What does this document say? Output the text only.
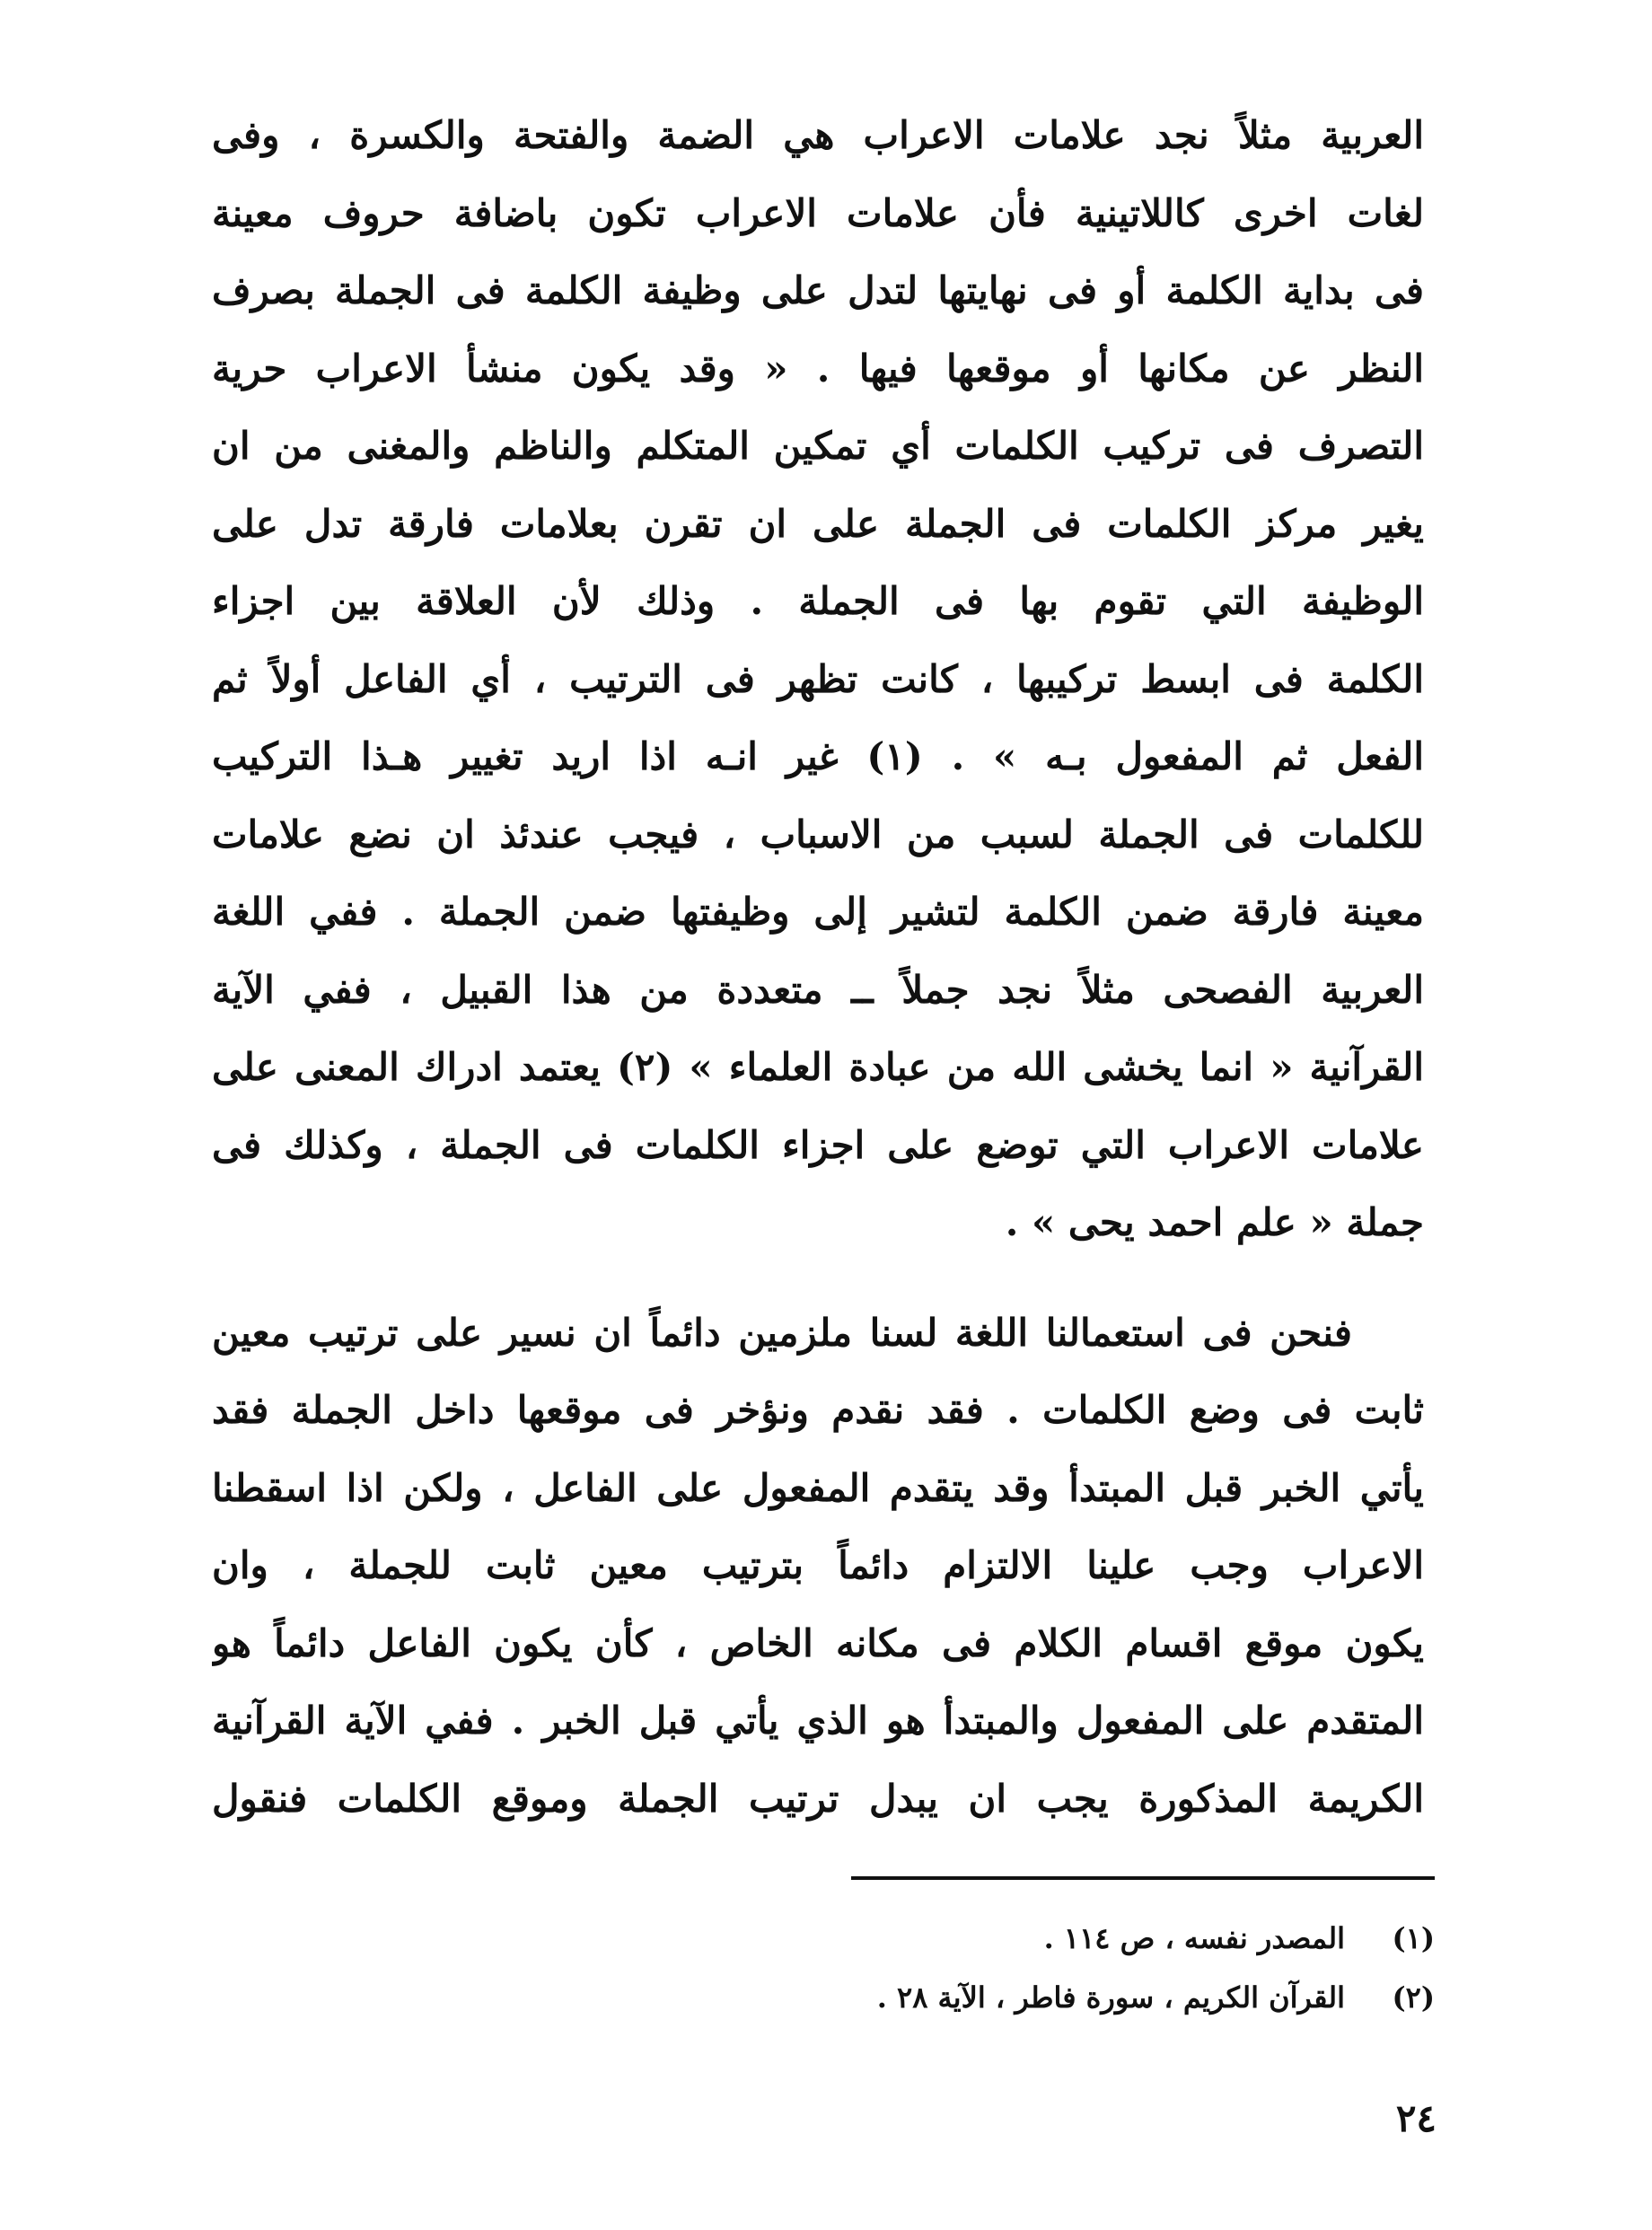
العربية مثلاً نجد علامات الاعراب هي الضمة والفتحة والكسرة ، وفى
لغات اخرى كاللاتينية فأن علامات الاعراب تكون باضافة حروف معينة
فى بداية الكلمة أو فى نهايتها لتدل على وظيفة الكلمة فى الجملة بصرف
النظر عن مكانها أو موقعها فيها . « وقد يكون منشأ الاعراب حرية
التصرف فى تركيب الكلمات أي تمكين المتكلم والناظم والمغنى من ان
يغير مركز الكلمات فى الجملة على ان تقرن بعلامات فارقة تدل على
الوظيفة التي تقوم بها فى الجملة . وذلك لأن العلاقة بين اجزاء
الكلمة فى ابسط تركيبها ، كانت تظهر فى الترتيب ، أي الفاعل أولاً ثم
الفعل ثم المفعول بـه » . (١) غير انـه اذا اريد تغيير هـذا التركيب
للكلمات فى الجملة لسبب من الاسباب ، فيجب عندئذ ان نضع علامات
معينة فارقة ضمن الكلمة لتشير إلى وظيفتها ضمن الجملة . ففي اللغة
العربية الفصحى مثلاً نجد جملاً ــ متعددة من هذا القبيل ، ففي الآية
القرآنية « انما يخشى الله من عبادة العلماء » (٢) يعتمد ادراك المعنى على
علامات الاعراب التي توضع على اجزاء الكلمات فى الجملة ، وكذلك فى
جملة « علم احمد يحى » .
فنحن فى استعمالنا اللغة لسنا ملزمين دائماً ان نسير على ترتيب معين
ثابت فى وضع الكلمات . فقد نقدم ونؤخر فى موقعها داخل الجملة فقد
يأتي الخبر قبل المبتدأ وقد يتقدم المفعول على الفاعل ، ولكن اذا اسقطنا
الاعراب وجب علينا الالتزام دائماً بترتيب معين ثابت للجملة ، وان
يكون موقع اقسام الكلام فى مكانه الخاص ، كأن يكون الفاعل دائماً هو
المتقدم على المفعول والمبتدأ هو الذي يأتي قبل الخبر . ففي الآية القرآنية
الكريمة المذكورة يجب ان يبدل ترتيب الجملة وموقع الكلمات فنقول
(١)
المصدر نفسه ، ص ١١٤ .
(٢)
القرآن الكريم ، سورة فاطر ، الآية ٢٨ .
٢٤
